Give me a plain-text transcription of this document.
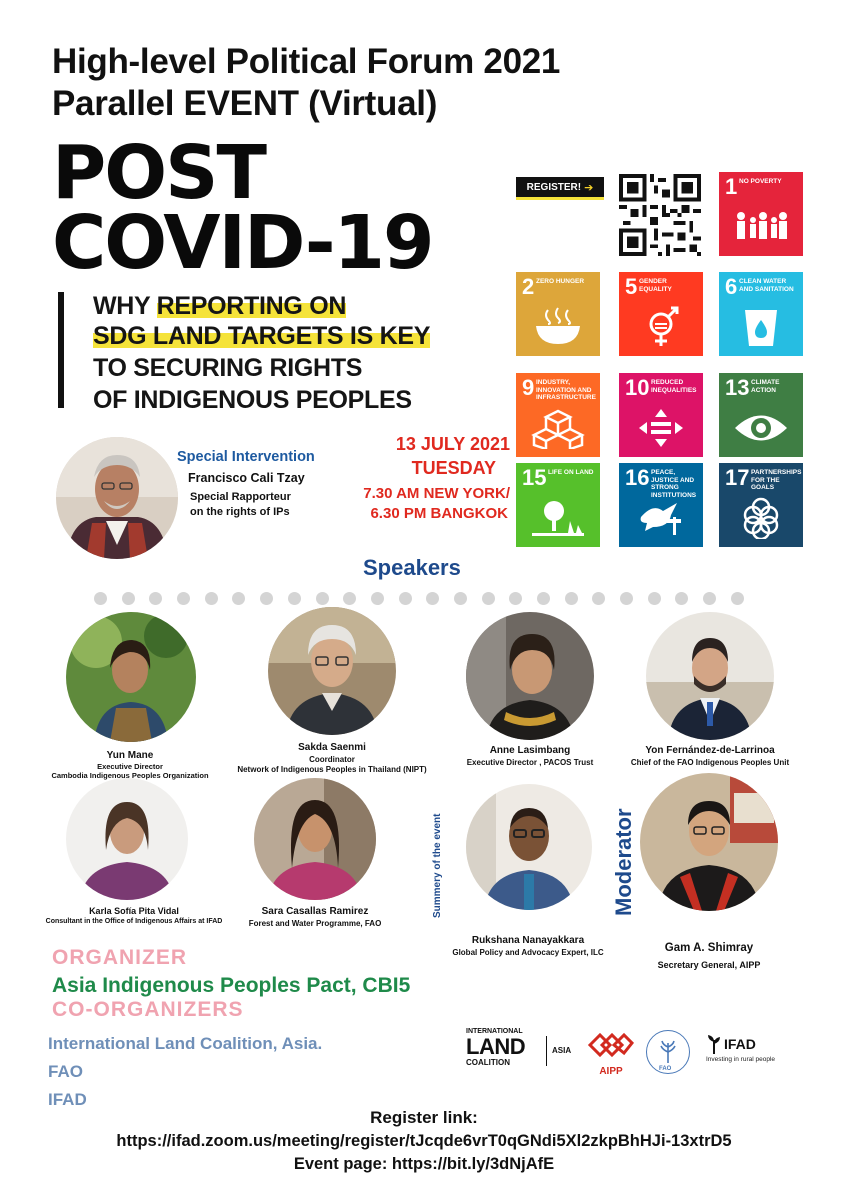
High-level Political Forum 2021
Parallel EVENT (Virtual)
POST
COVID-19
WHY REPORTING ON
SDG LAND TARGETS IS KEY
TO SECURING RIGHTS
OF INDIGENOUS PEOPLES
REGISTER! ➔	1 NO POVERTY
2 ZERO HUNGER	5 GENDER EQUALITY	6 CLEAN WATER AND SANITATION
9 INDUSTRY, INNOVATION AND INFRASTRUCTURE 10 REDUCED INEQUALITIES 13 CLIMATE ACTION
15 LIFE ON LAND 16 PEACE, JUSTICE AND STRONG INSTITUTIONS
17 PARTNERSHIPS FOR THE GOALS
Special Intervention
Francisco Cali Tzay
Special Rapporteur
on the rights of IPs
13 JULY 2021
TUESDAY
7.30 AM NEW YORK/
6.30 PM BANGKOK
Speakers
Yun Mane
Executive Director
Cambodia Indigenous Peoples Organization
Sakda Saenmi
Coordinator
Network of Indigenous Peoples in Thailand (NIPT)
Anne Lasimbang
Executive Director , PACOS Trust
Yon Fernández-de-Larrinoa
Chief of the FAO Indigenous Peoples Unit
Karla Sofía Pita Vidal
Consultant in the Office of Indigenous Affairs at IFAD
Sara Casallas Ramirez
Forest and Water Programme, FAO
Rukshana Nanayakkara
Global Policy and Advocacy Expert, ILC	Gam A. Shimray
Secretary General, AIPP
Summery of the event	Moderator
ORGANIZER
Asia Indigenous Peoples Pact, CBI5
CO-ORGANIZERS
International Land Coalition, Asia.
FAO
IFAD
INTERNATIONAL
LAND
COALITION
ASIA
AIPP	FAO
IFAD
Investing in rural people
Register link:
https://ifad.zoom.us/meeting/register/tJcqde6vrT0qGNdi5Xl2zkpBhHJi-13xtrD5
Event page: https://bit.ly/3dNjAfE
